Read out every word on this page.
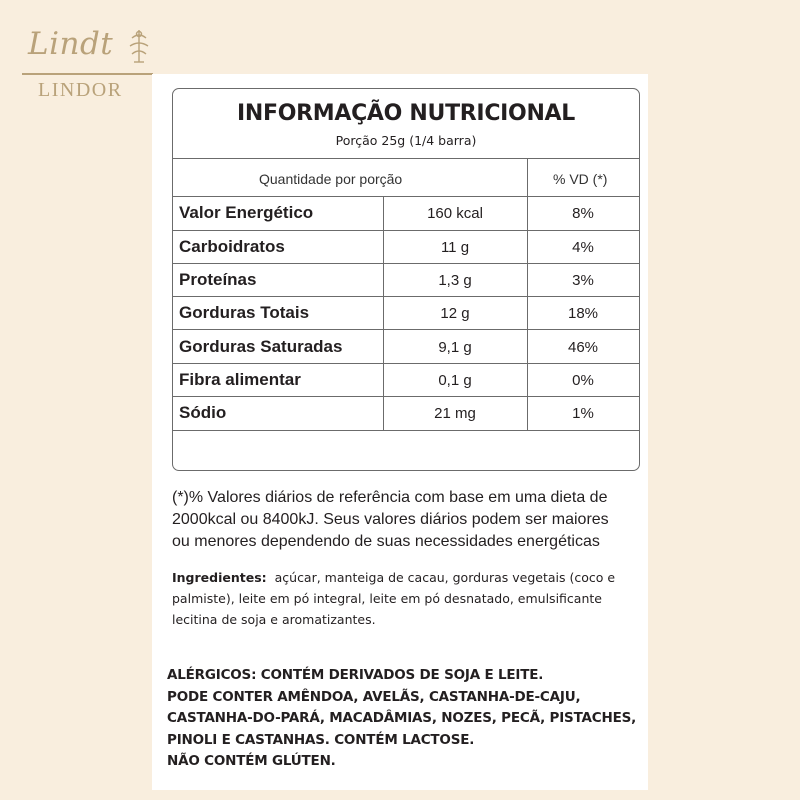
Lindt
LINDOR
INFORMAÇÃO NUTRICIONAL
Porção 25g (1/4 barra)
Quantidade por porção	% VD (*)
Valor Energético	160 kcal	8%
Carboidratos	11 g	4%
Proteínas	1,3 g	3%
Gorduras Totais	12 g	18%
Gorduras Saturadas	9,1 g	46%
Fibra alimentar	0,1 g	0%
Sódio	21 mg	1%
(*)% Valores diários de referência com base em uma dieta de
2000kcal ou 8400kJ. Seus valores diários podem ser maiores
ou menores dependendo de suas necessidades energéticas
Ingredientes: açúcar, manteiga de cacau, gorduras vegetais (coco e
palmiste), leite em pó integral, leite em pó desnatado, emulsificante
lecitina de soja e aromatizantes.
ALÉRGICOS: CONTÉM DERIVADOS DE SOJA E LEITE.
PODE CONTER AMÊNDOA, AVELÃS, CASTANHA-DE-CAJU,
CASTANHA-DO-PARÁ, MACADÂMIAS, NOZES, PECÃ, PISTACHES,
PINOLI E CASTANHAS. CONTÉM LACTOSE.
NÃO CONTÉM GLÚTEN.
